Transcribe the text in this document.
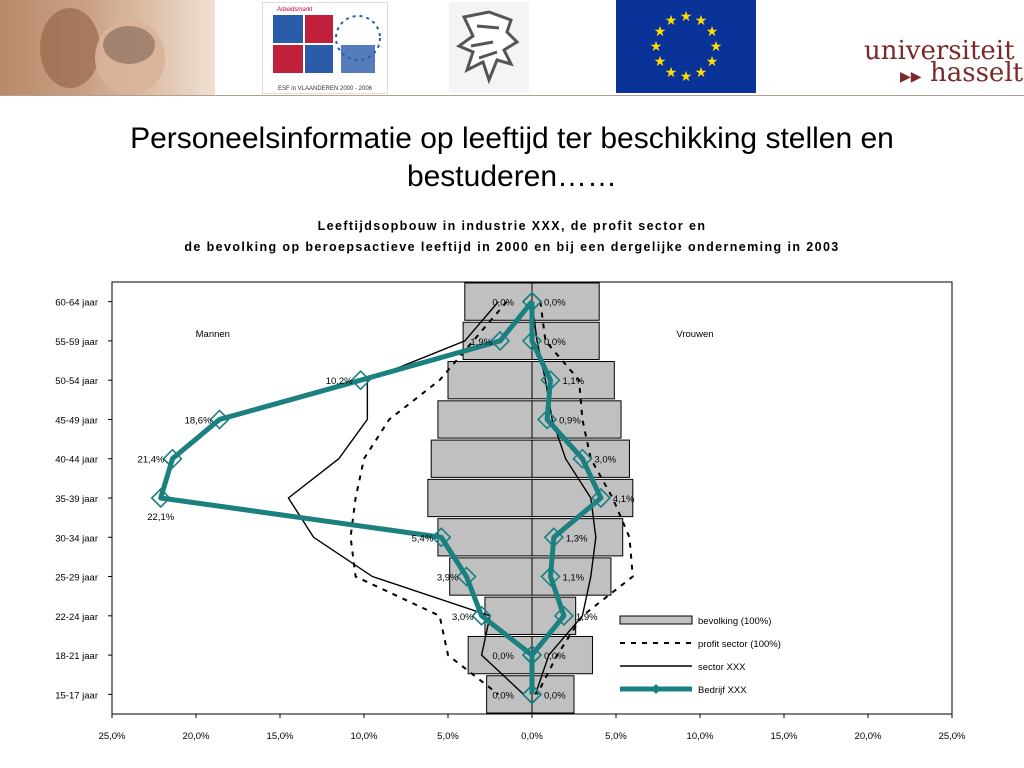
Arbeidsmarkt
ESF in VLAANDEREN 2000 - 2006
★ ★
★
★
★
★
★
★
★
★
★
★
universiteit
▶▶ hasselt
Personeelsinformatie op leeftijd ter beschikking stellen en bestuderen……
Leeftijdsopbouw in industrie XXX, de profit sector en
de bevolking op beroepsactieve leeftijd in 2000 en bij een dergelijke onderneming in 2003
60-64 jaar
55-59 jaar
50-54 jaar
45-49 jaar
40-44 jaar
35-39 jaar
30-34 jaar
25-29 jaar
22-24 jaar
18-21 jaar
15-17 jaar
25,0%	20,0%	15,0%	10,0%	5,0%	0,0%	5,0%	10,0%	15,0%	20,0%	25,0%
Mannen	Vrouwen
0,0%
1,9%
10,2%
18,6%
21,4%
22,1%
5,4%
3,9%
3,0%
0,0%
0,0%
0,0%
0,0%
1,1%
0,9%
3,0%
4,1%
1,3%
1,1%
1,9%
0,0%
0,0%
bevolking (100%)
profit sector (100%)
sector XXX
Bedrijf XXX
